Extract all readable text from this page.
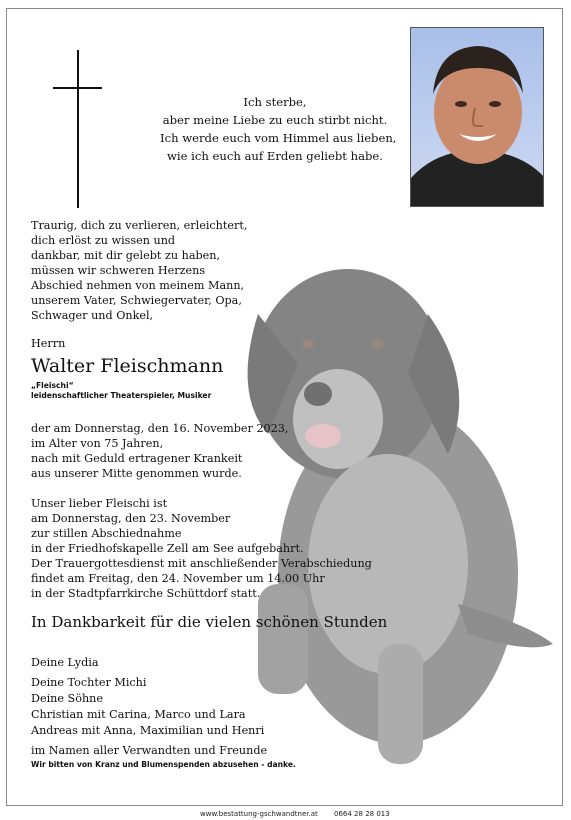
Ich sterbe,
aber meine Liebe zu euch stirbt nicht.
Ich werde euch vom Himmel aus lieben,
wie ich euch auf Erden geliebt habe.
Traurig, dich zu verlieren, erleichtert,
dich erlöst zu wissen und
dankbar, mit dir gelebt zu haben,
müssen wir schweren Herzens
Abschied nehmen von meinem Mann,
unserem Vater, Schwiegervater, Opa,
Schwager und Onkel,
Herrn
Walter Fleischmann
„Fleischi“
leidenschaftlicher Theaterspieler, Musiker
der am Donnerstag, den 16. November 2023,
im Alter von 75 Jahren,
nach mit Geduld ertragener Krankeit
aus unserer Mitte genommen wurde.
Unser lieber Fleischi ist
am Donnerstag, den 23. November
zur stillen Abschiednahme
in der Friedhofskapelle Zell am See aufgebahrt.
Der Trauergottesdienst mit anschließender Verabschiedung
findet am Freitag, den 24. November um 14.00 Uhr
in der Stadtpfarrkirche Schüttdorf statt.
In Dankbarkeit für die vielen schönen Stunden
Deine Lydia
Deine Tochter Michi
Deine Söhne
Christian mit Carina, Marco und Lara
Andreas mit Anna, Maximilian und Henri
im Namen aller Verwandten und Freunde
Wir bitten von Kranz und Blumenspenden abzusehen - danke.
www.bestattung-gschwandtner.at 0664 28 28 013
